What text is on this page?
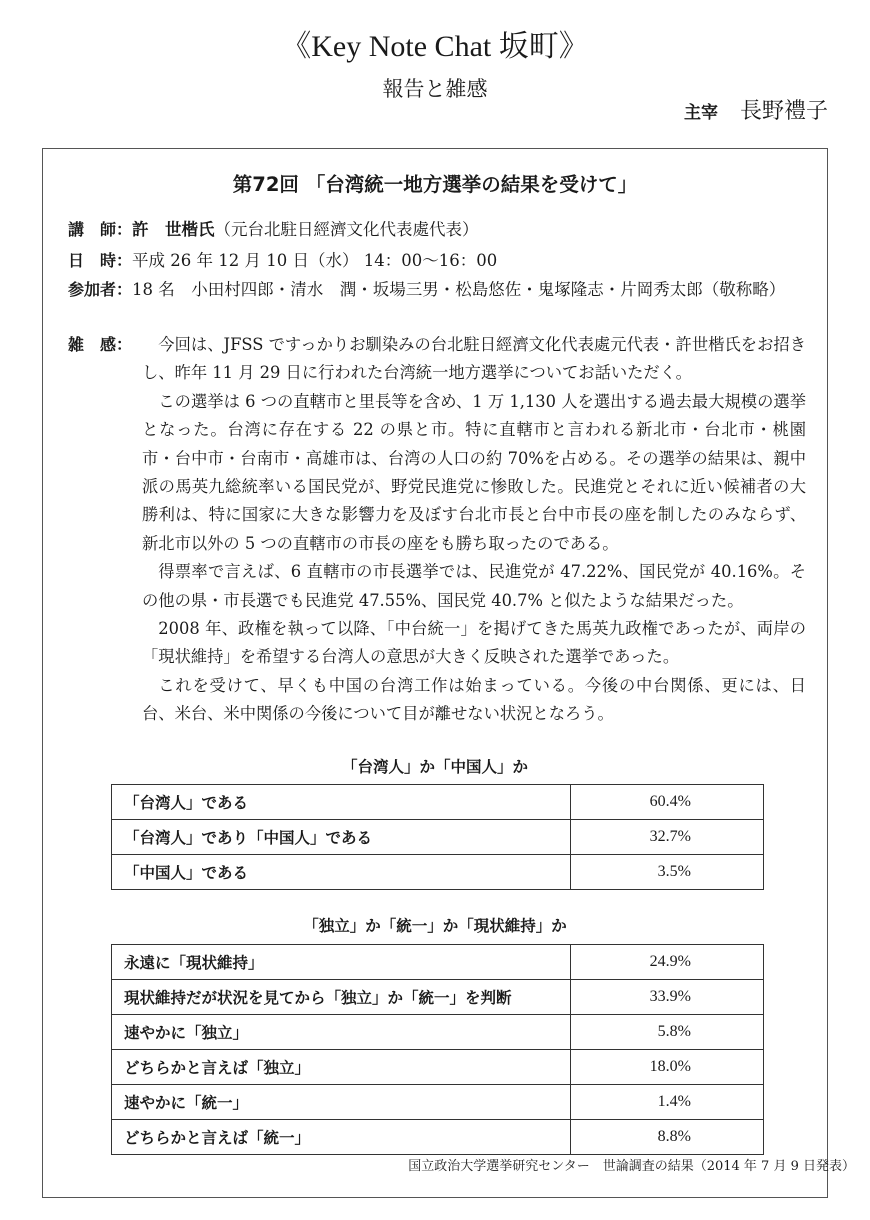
《Key Note Chat 坂町》
報告と雑感
主宰 長野禮子
第72回 「台湾統一地方選挙の結果を受けて」
講　師：許　世楷氏（元台北駐日經濟文化代表處代表）
日　時：平成 26 年 12 月 10 日（水） 14：00〜16：00
参加者：18 名　小田村四郎・清水　潤・坂場三男・松島悠佐・鬼塚隆志・片岡秀太郎（敬称略）
雑　感：	今回は、JFSS ですっかりお馴染みの台北駐日經濟文化代表處元代表・許世楷氏をお招きし、昨年 11 月 29 日に行われた台湾統一地方選挙についてお話いただく。

この選挙は 6 つの直轄市と里長等を含め、1 万 1,130 人を選出する過去最大規模の選挙となった。台湾に存在する 22 の県と市。特に直轄市と言われる新北市・台北市・桃園市・台中市・台南市・高雄市は、台湾の人口の約 70%を占める。その選挙の結果は、親中派の馬英九総統率いる国民党が、野党民進党に惨敗した。民進党とそれに近い候補者の大勝利は、特に国家に大きな影響力を及ぼす台北市長と台中市長の座を制したのみならず、新北市以外の 5 つの直轄市の市長の座をも勝ち取ったのである。

得票率で言えば、6 直轄市の市長選挙では、民進党が 47.22%、国民党が 40.16%。その他の県・市長選でも民進党 47.55%、国民党 40.7% と似たような結果だった。

2008 年、政権を執って以降、「中台統一」を掲げてきた馬英九政権であったが、両岸の「現状維持」を希望する台湾人の意思が大きく反映された選挙であった。

これを受けて、早くも中国の台湾工作は始まっている。今後の中台関係、更には、日台、米台、米中関係の今後について目が離せない状況となろう。

「台湾人」か「中国人」か
「台湾人」である	60.4%
「台湾人」であり「中国人」である	32.7%
「中国人」である	3.5%
「独立」か「統一」か「現状維持」か
永遠に「現状維持」	24.9%
現状維持だが状況を見てから「独立」か「統一」を判断	33.9%
速やかに「独立」	5.8%
どちらかと言えば「独立」	18.0%
速やかに「統一」	1.4%
どちらかと言えば「統一」	8.8%
国立政治大学選挙研究センター　世論調査の結果（2014 年 7 月 9 日発表）
